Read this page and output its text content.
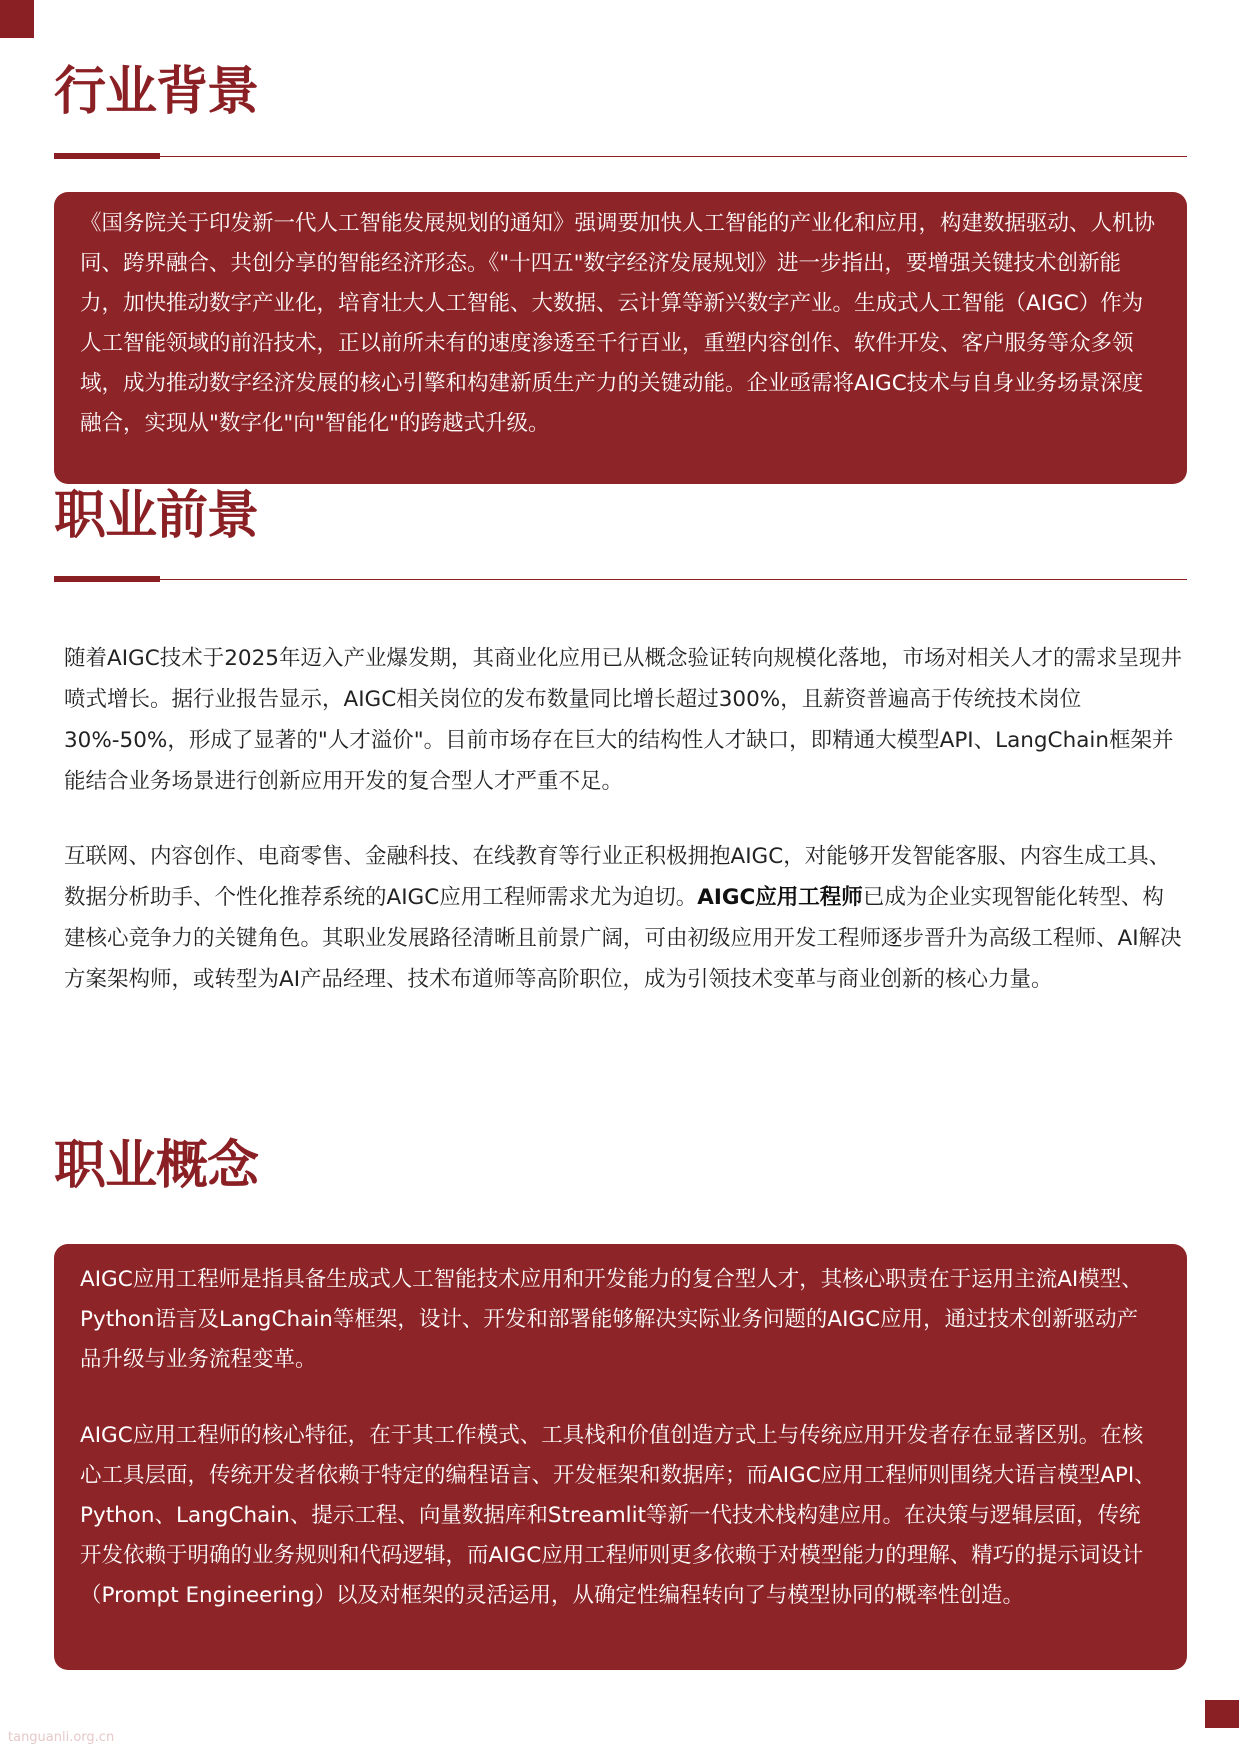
行业背景

《国务院关于印发新一代人工智能发展规划的通知》强调要加快人工智能的产业化和应用，构建数据驱动、人机协同、跨界融合、共创分享的智能经济形态。《"十四五"数字经济发展规划》进一步指出，要增强关键技术创新能力，加快推动数字产业化，培育壮大人工智能、大数据、云计算等新兴数字产业。生成式人工智能（AIGC）作为人工智能领域的前沿技术，正以前所未有的速度渗透至千行百业，重塑内容创作、软件开发、客户服务等众多领域，成为推动数字经济发展的核心引擎和构建新质生产力的关键动能。企业亟需将AIGC技术与自身业务场景深度融合，实现从"数字化"向"智能化"的跨越式升级。

职业前景

随着AIGC技术于2025年迈入产业爆发期，其商业化应用已从概念验证转向规模化落地，市场对相关人才的需求呈现井喷式增长。据行业报告显示，AIGC相关岗位的发布数量同比增长超过300%，且薪资普遍高于传统技术岗位30%-50%，形成了显著的"人才溢价"。目前市场存在巨大的结构性人才缺口，即精通大模型API、LangChain框架并能结合业务场景进行创新应用开发的复合型人才严重不足。

互联网、内容创作、电商零售、金融科技、在线教育等行业正积极拥抱AIGC，对能够开发智能客服、内容生成工具、数据分析助手、个性化推荐系统的AIGC应用工程师需求尤为迫切。AIGC应用工程师已成为企业实现智能化转型、构建核心竞争力的关键角色。其职业发展路径清晰且前景广阔，可由初级应用开发工程师逐步晋升为高级工程师、AI解决方案架构师，或转型为AI产品经理、技术布道师等高阶职位，成为引领技术变革与商业创新的核心力量。

职业概念

AIGC应用工程师是指具备生成式人工智能技术应用和开发能力的复合型人才，其核心职责在于运用主流AI模型、Python语言及LangChain等框架，设计、开发和部署能够解决实际业务问题的AIGC应用，通过技术创新驱动产品升级与业务流程变革。

AIGC应用工程师的核心特征，在于其工作模式、工具栈和价值创造方式上与传统应用开发者存在显著区别。在核心工具层面，传统开发者依赖于特定的编程语言、开发框架和数据库；而AIGC应用工程师则围绕大语言模型API、Python、LangChain、提示工程、向量数据库和Streamlit等新一代技术栈构建应用。在决策与逻辑层面，传统开发依赖于明确的业务规则和代码逻辑，而AIGC应用工程师则更多依赖于对模型能力的理解、精巧的提示词设计（Prompt Engineering）以及对框架的灵活运用，从确定性编程转向了与模型协同的概率性创造。

tanguanli.org.cn
